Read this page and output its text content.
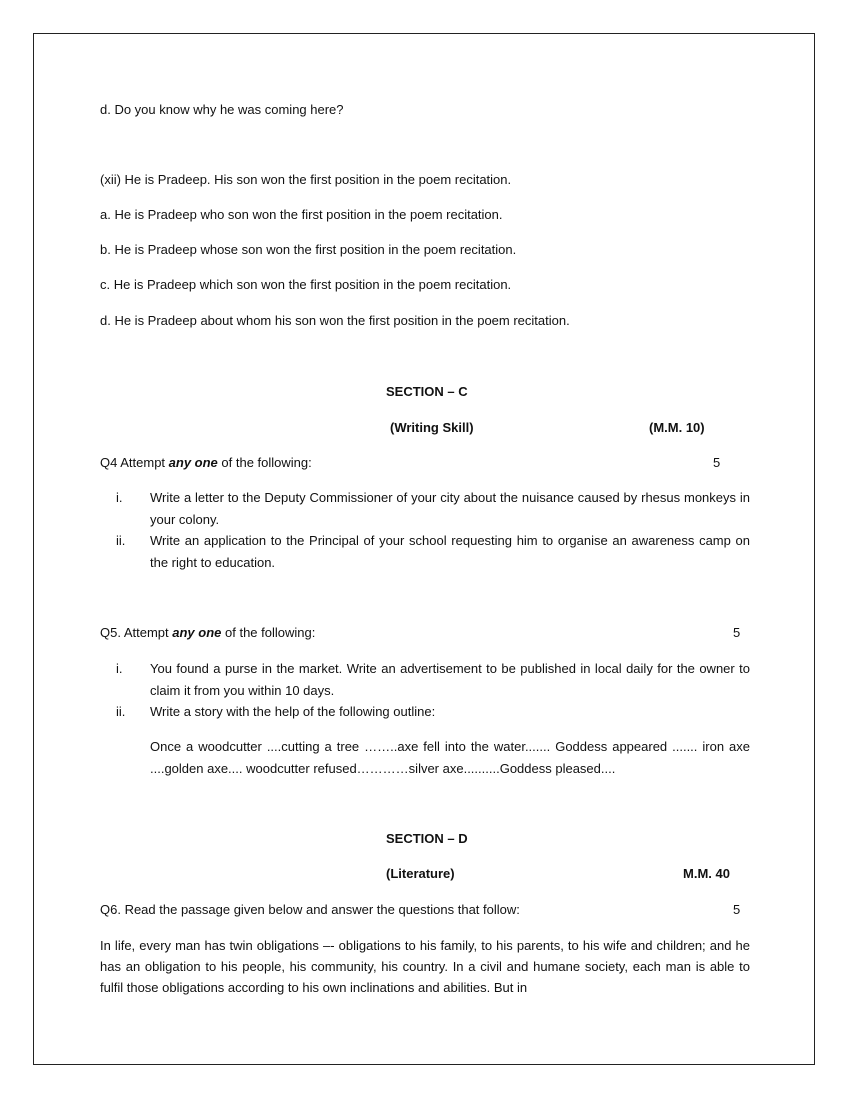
d. Do you know why he was coming here?
(xii) He is Pradeep. His son won the first position in the poem recitation.
a. He is Pradeep who son won the first position in the poem recitation.
b. He is Pradeep whose son won the first position in the poem recitation.
c. He is Pradeep which son won the first position in the poem recitation.
d. He is Pradeep about whom his son won the first position in the poem recitation.
SECTION – C
(Writing Skill)	(M.M. 10)
Q4 Attempt any one of the following:	5
i. Write a letter to the Deputy Commissioner of your city about the nuisance caused by rhesus monkeys in your colony.
ii. Write an application to the Principal of your school requesting him to organise an awareness camp on the right to education.
Q5. Attempt any one of the following:	5
i. You found a purse in the market. Write an advertisement to be published in local daily for the owner to claim it from you within 10 days.
ii. Write a story with the help of the following outline:
Once a woodcutter ....cutting a tree ……..axe fell into the water....... Goddess appeared ....... iron axe ....golden axe.... woodcutter refused…………silver axe..........Goddess pleased....
SECTION – D
(Literature)	M.M. 40
Q6. Read the passage given below and answer the questions that follow:	5
In life, every man has twin obligations –- obligations to his family, to his parents, to his wife and children; and he has an obligation to his people, his community, his country. In a civil and humane society, each man is able to fulfil those obligations according to his own inclinations and abilities. But in
